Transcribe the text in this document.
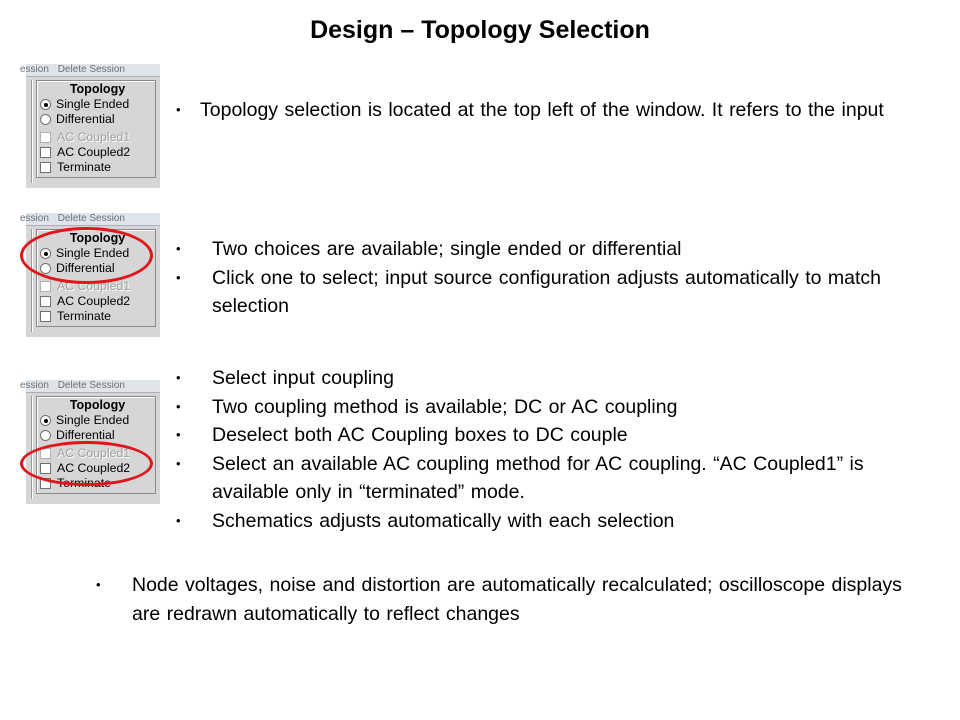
Design – Topology Selection
ession Delete Session
Topology
Single Ended
Differential
AC Coupled1
AC Coupled2
Terminate
ession Delete Session
Topology
Single Ended
Differential
AC Coupled1
AC Coupled2
Terminate
ession Delete Session
Topology
Single Ended
Differential
AC Coupled1
AC Coupled2
Terminate
• Topology selection is located at the top left of the window. It refers to the input
• Two choices are available; single ended or differential
• Click one to select; input source configuration adjusts automatically to match selection
• Select input coupling
• Two coupling method is available; DC or AC coupling
• Deselect both AC Coupling boxes to DC couple
• Select an available AC coupling method for AC coupling. “AC Coupled1” is available only in “terminated” mode.
• Schematics adjusts automatically with each selection
• Node voltages, noise and distortion are automatically recalculated; oscilloscope displays are redrawn automatically to reflect changes
